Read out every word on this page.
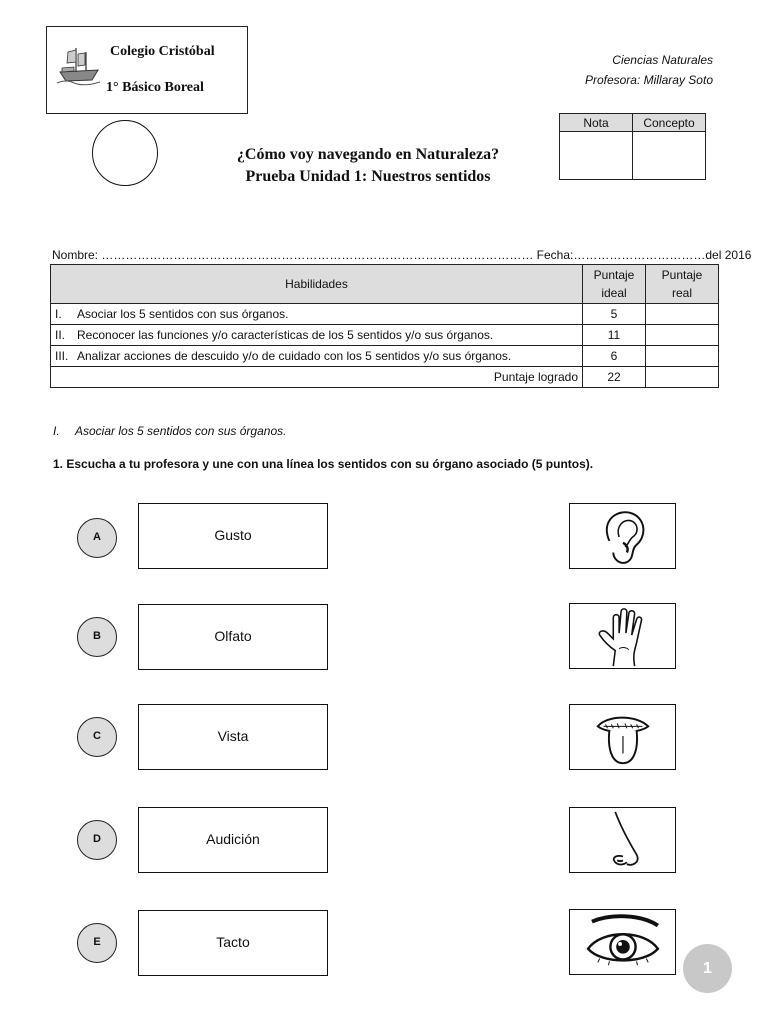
Colegio Cristóbal
1° Básico Boreal
Ciencias Naturales
Profesora: Millaray Soto
¿Cómo voy navegando en Naturaleza?
Prueba Unidad 1: Nuestros sentidos
Nota	Concepto

Nombre: ……………………………………………………………………………………………… Fecha:……………………………del 2016
Habilidades	Puntaje ideal	Puntaje real
I. Asociar los 5 sentidos con sus órganos.	5	
II. Reconocer las funciones y/o características de los 5 sentidos y/o sus órganos.	11	
III. Analizar acciones de descuido y/o de cuidado con los 5 sentidos y/o sus órganos.	6	
Puntaje logrado	22	
I. Asociar los 5 sentidos con sus órganos.
1. Escucha a tu profesora y une con una línea los sentidos con su órgano asociado (5 puntos).
A	Gusto
B	Olfato
C	Vista
D	Audición
E	Tacto
1
